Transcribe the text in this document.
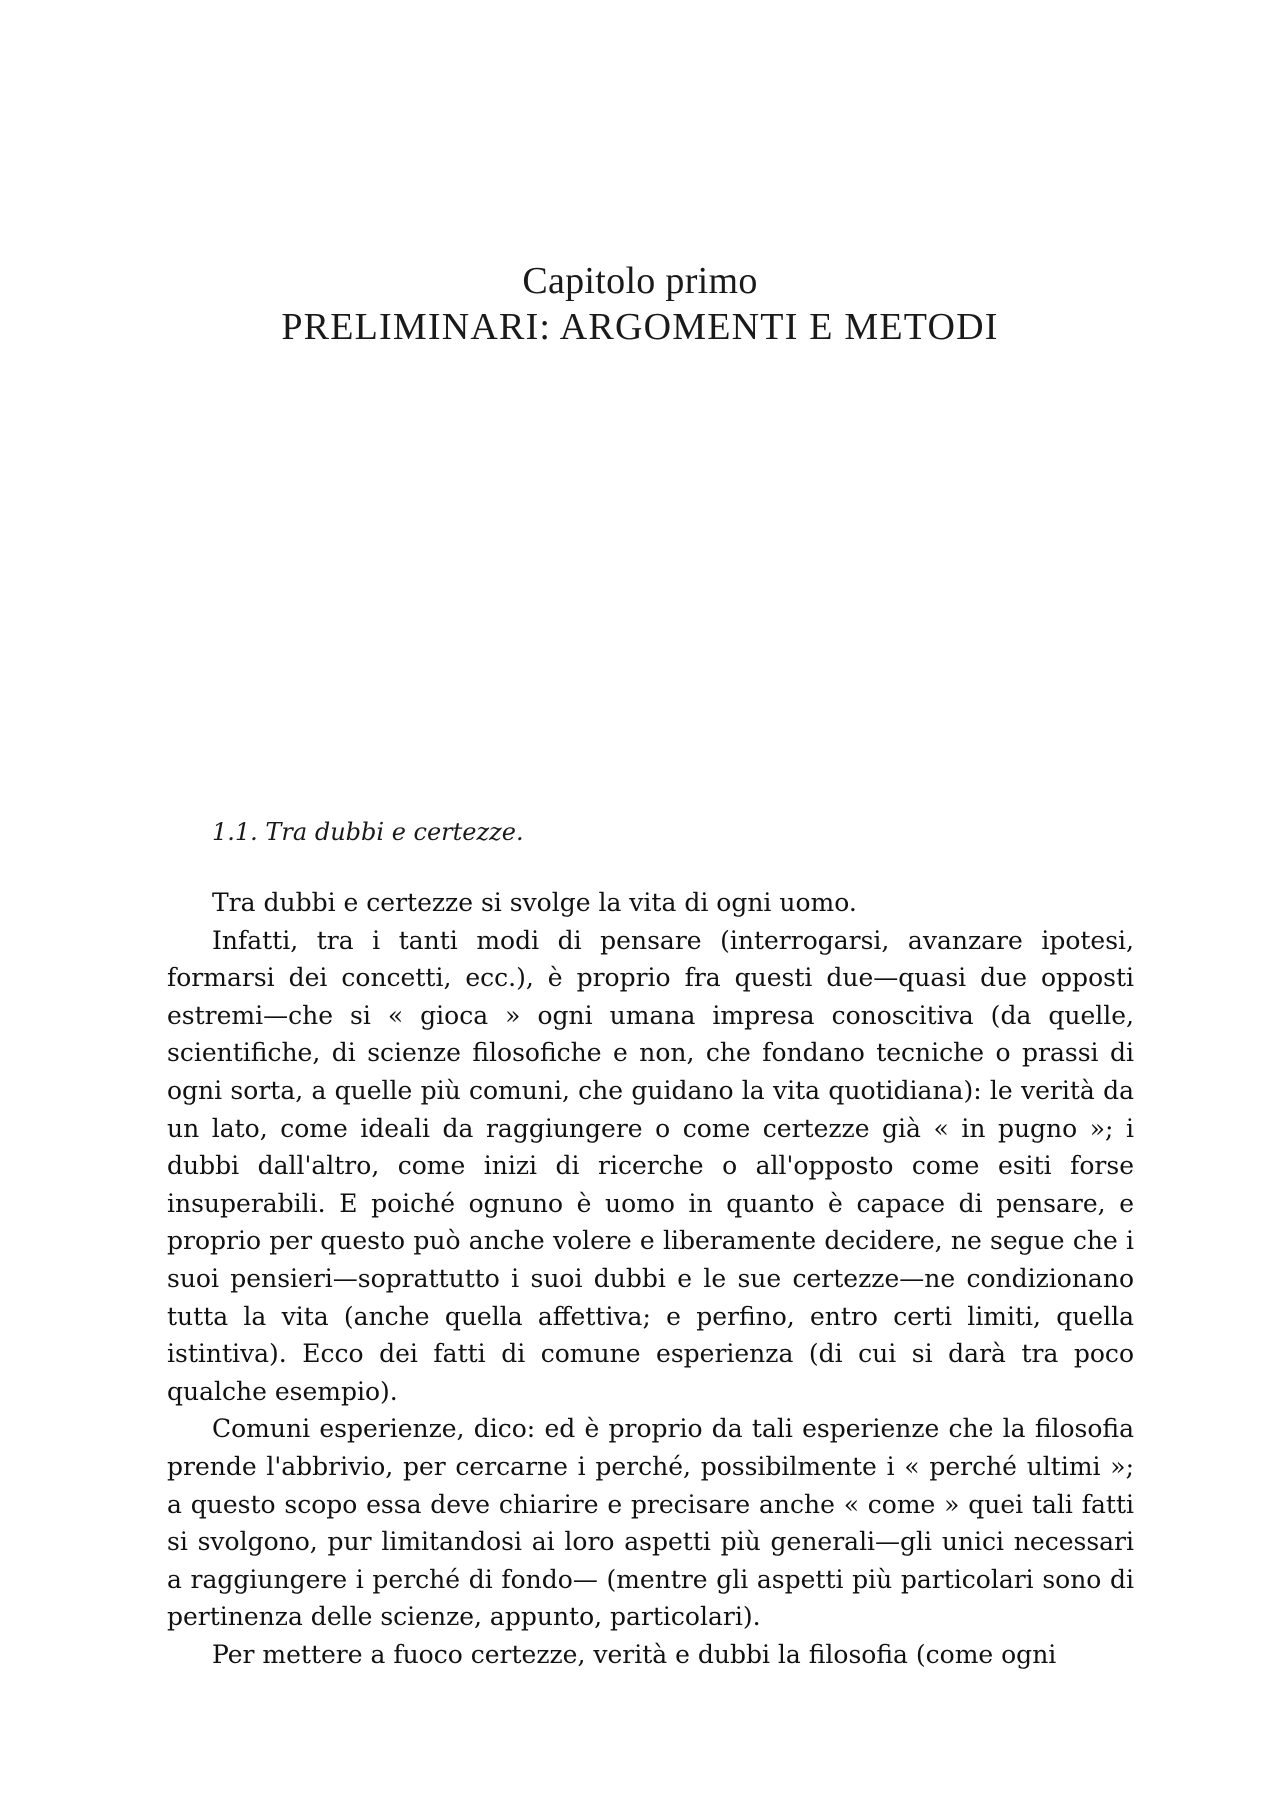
Capitolo primo
PRELIMINARI: ARGOMENTI E METODI
1.1. Tra dubbi e certezze.

Tra dubbi e certezze si svolge la vita di ogni uomo.

Infatti, tra i tanti modi di pensare (interrogarsi, avanzare ipotesi, formarsi dei concetti, ecc.), è proprio fra questi due—quasi due opposti estremi—che si « gioca » ogni umana impresa conoscitiva (da quelle, scientifiche, di scienze filosofiche e non, che fondano tecniche o prassi di ogni sorta, a quelle più comuni, che guidano la vita quotidiana): le verità da un lato, come ideali da raggiungere o come certezze già « in pugno »; i dubbi dall'altro, come inizi di ricerche o all'opposto come esiti forse insuperabili. E poiché ognuno è uomo in quanto è capace di pensare, e proprio per questo può anche volere e liberamente decidere, ne segue che i suoi pensieri—soprattutto i suoi dubbi e le sue certezze—ne condizionano tutta la vita (anche quella affettiva; e perfino, entro certi limiti, quella istintiva). Ecco dei fatti di comune esperienza (di cui si darà tra poco qualche esempio).

Comuni esperienze, dico: ed è proprio da tali esperienze che la filosofia prende l'abbrivio, per cercarne i perché, possibilmente i « perché ultimi »; a questo scopo essa deve chiarire e precisare anche « come » quei tali fatti si svolgono, pur limitandosi ai loro aspetti più generali—gli unici necessari a raggiungere i perché di fondo— (mentre gli aspetti più particolari sono di pertinenza delle scienze, appunto, particolari).

Per mettere a fuoco certezze, verità e dubbi la filosofia (come ogni
